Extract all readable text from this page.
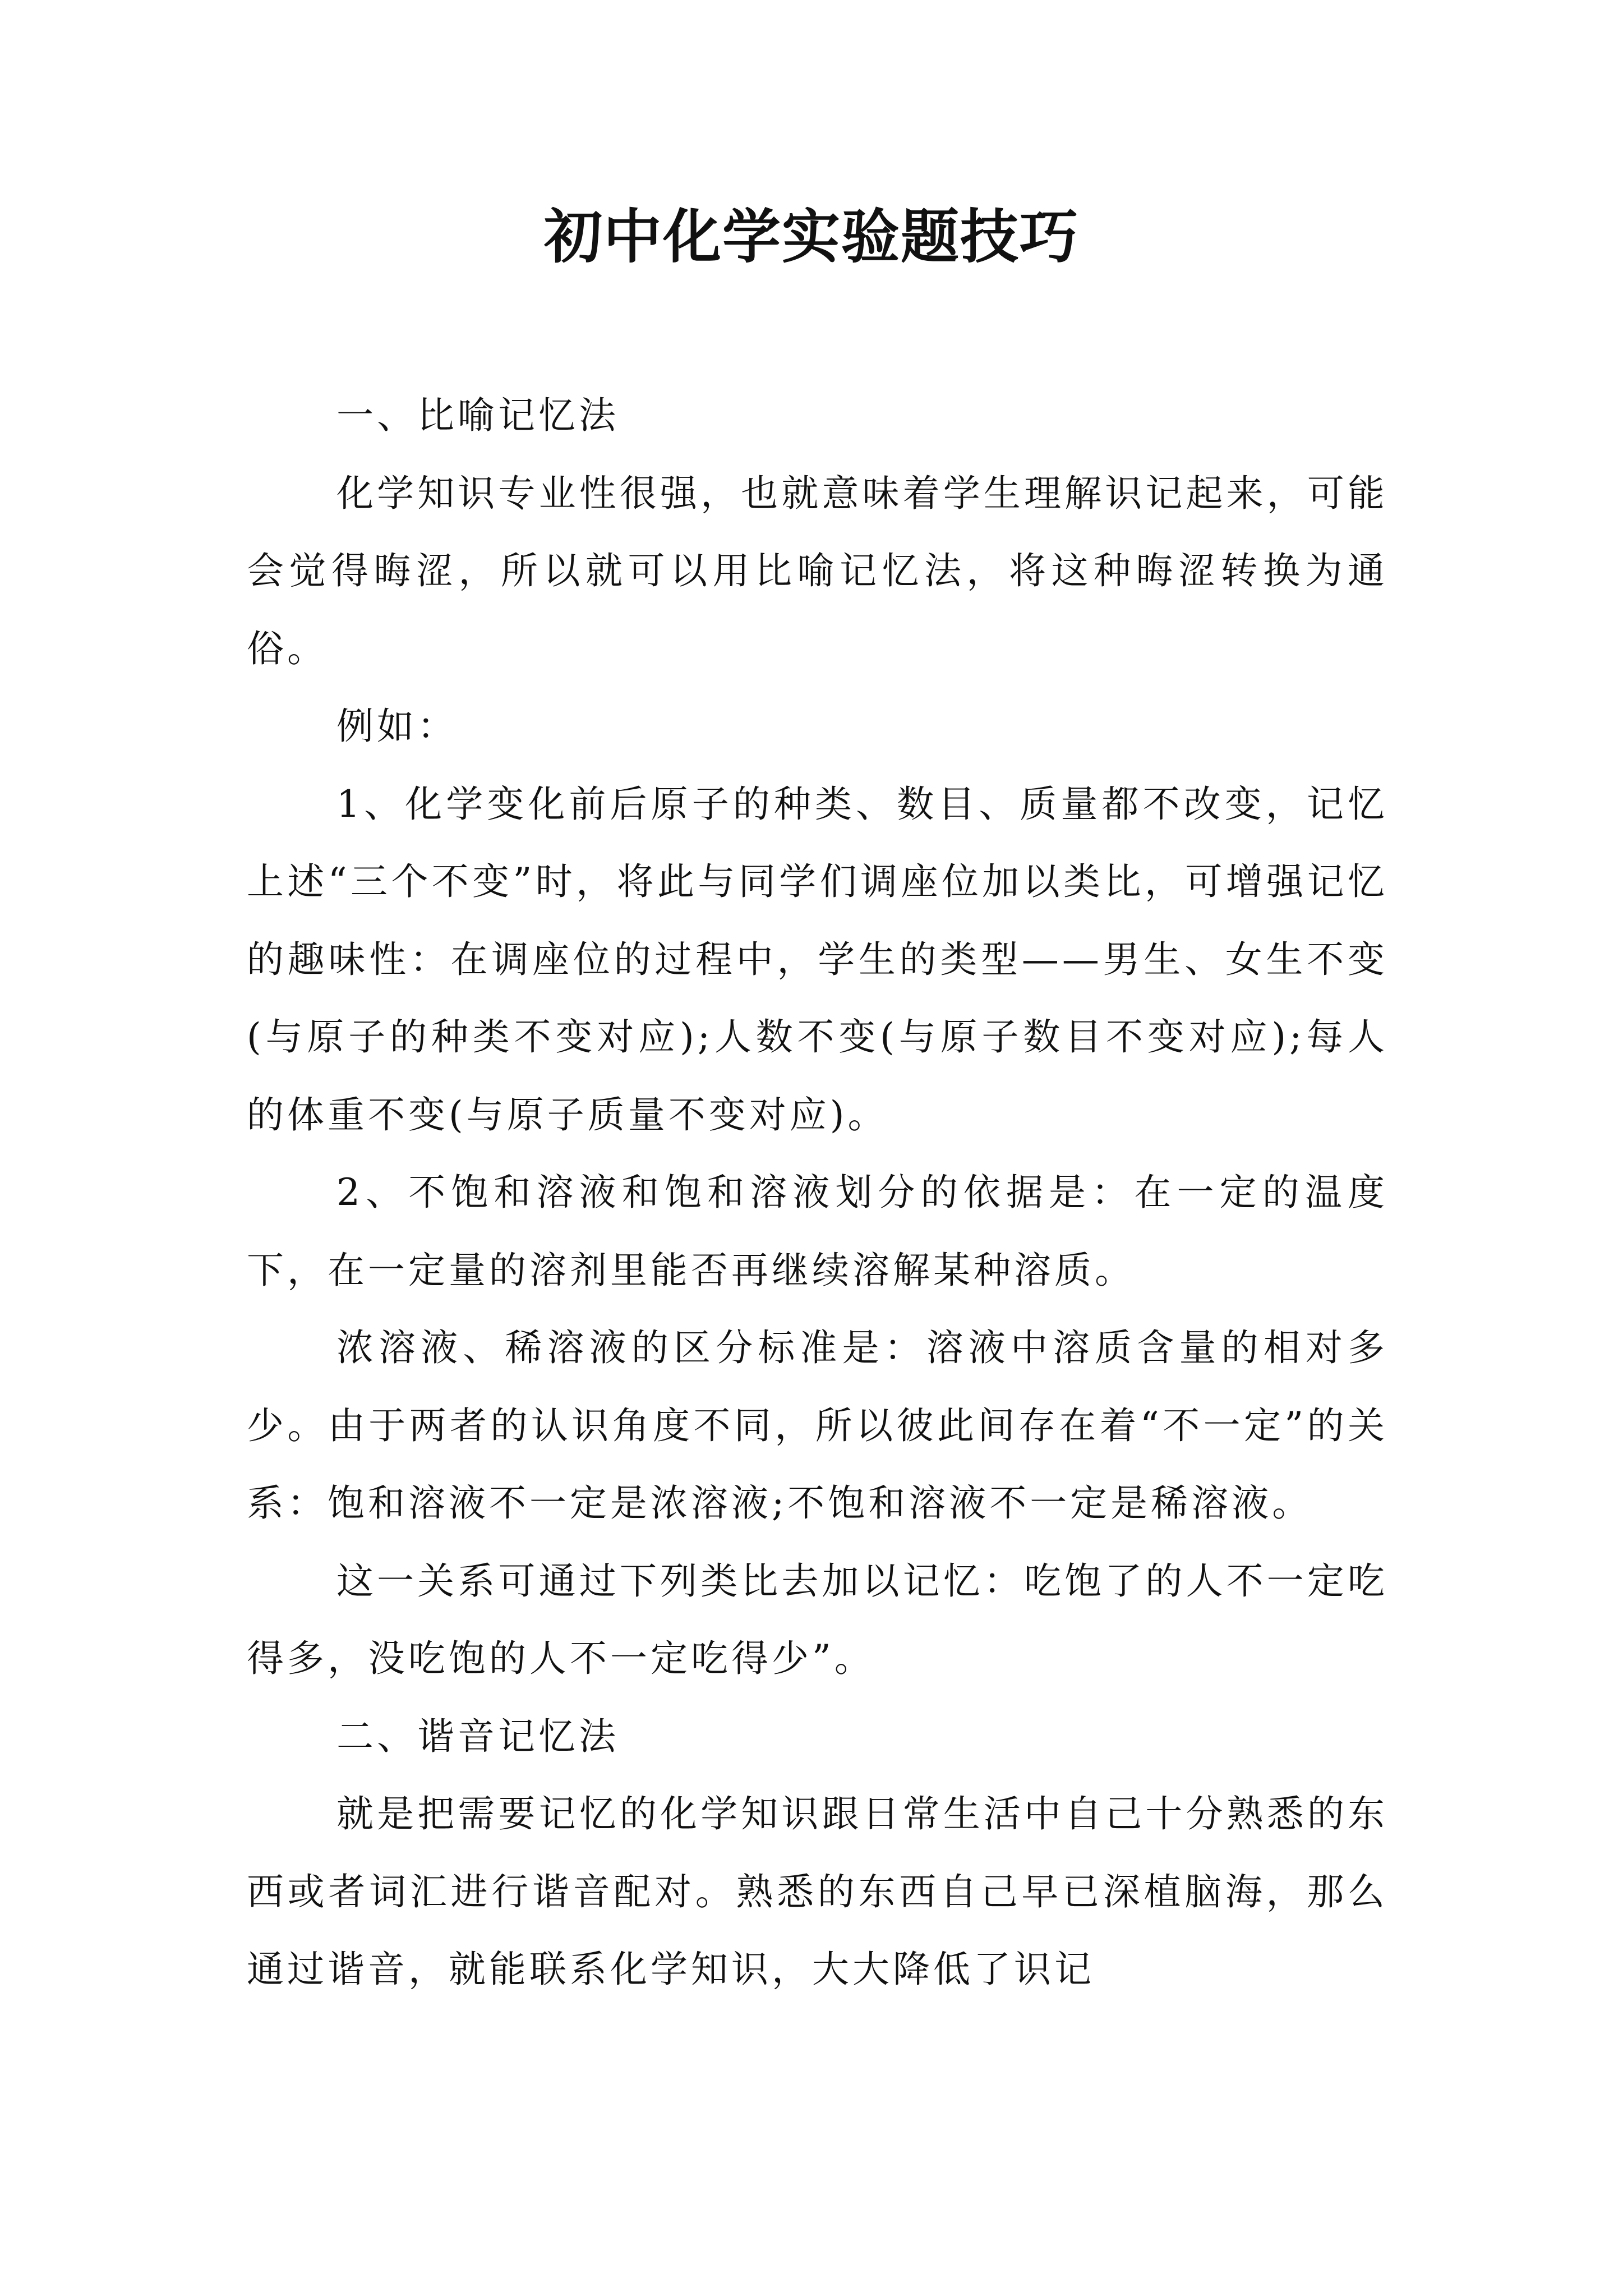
初中化学实验题技巧

一、比喻记忆法

化学知识专业性很强，也就意味着学生理解识记起来，可能会觉得晦涩，所以就可以用比喻记忆法，将这种晦涩转换为通俗。

例如：

1、化学变化前后原子的种类、数目、质量都不改变，记忆上述“三个不变”时，将此与同学们调座位加以类比，可增强记忆的趣味性：在调座位的过程中，学生的类型——男生、女生不变(与原子的种类不变对应);人数不变(与原子数目不变对应);每人的体重不变(与原子质量不变对应)。

2、不饱和溶液和饱和溶液划分的依据是：在一定的温度下，在一定量的溶剂里能否再继续溶解某种溶质。

浓溶液、稀溶液的区分标准是：溶液中溶质含量的相对多少。由于两者的认识角度不同，所以彼此间存在着“不一定”的关系：饱和溶液不一定是浓溶液;不饱和溶液不一定是稀溶液。

这一关系可通过下列类比去加以记忆：吃饱了的人不一定吃得多，没吃饱的人不一定吃得少”。

二、谐音记忆法

就是把需要记忆的化学知识跟日常生活中自己十分熟悉的东西或者词汇进行谐音配对。熟悉的东西自己早已深植脑海，那么通过谐音，就能联系化学知识，大大降低了识记
